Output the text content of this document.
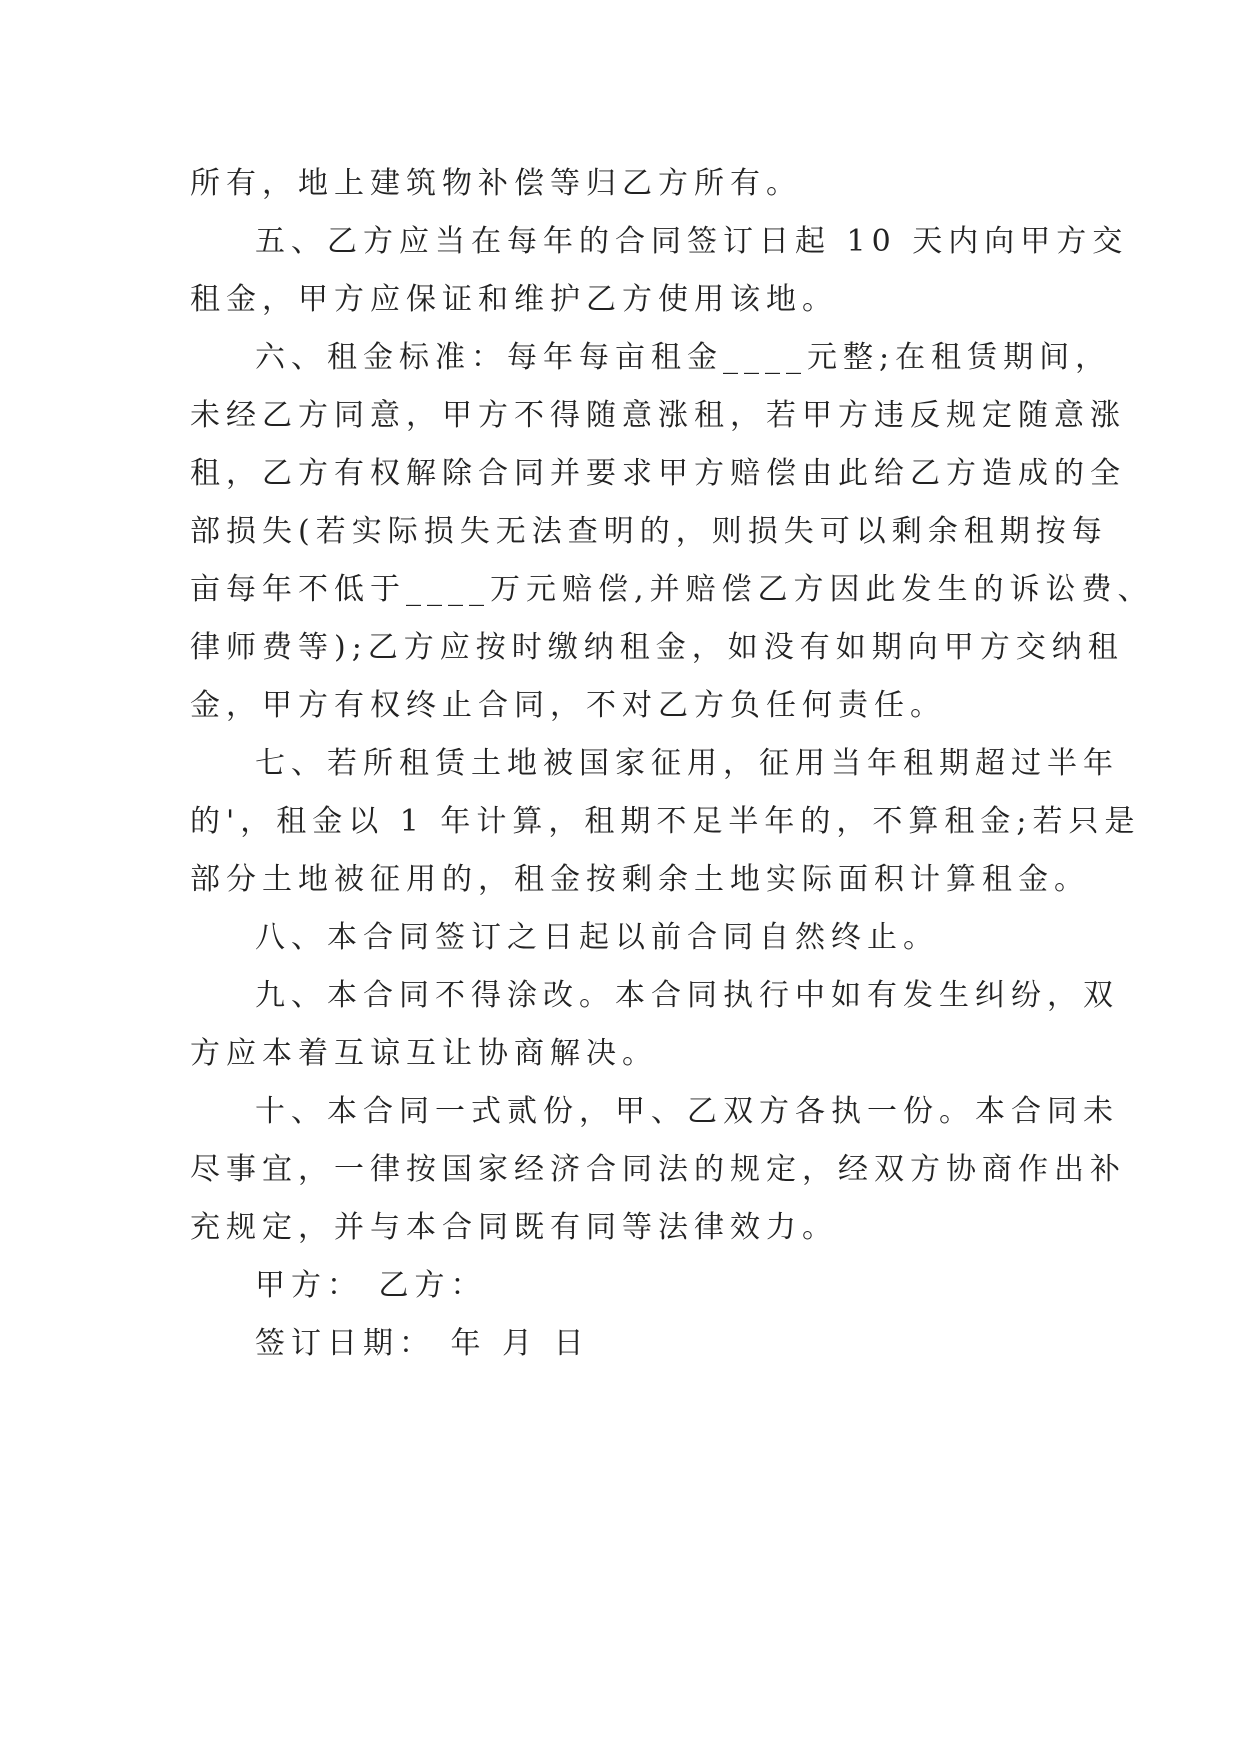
所有，地上建筑物补偿等归乙方所有。
五、乙方应当在每年的合同签订日起 10 天内向甲方交
租金，甲方应保证和维护乙方使用该地。
六、租金标准：每年每亩租金____元整;在租赁期间，
未经乙方同意，甲方不得随意涨租，若甲方违反规定随意涨
租，乙方有权解除合同并要求甲方赔偿由此给乙方造成的全
部损失(若实际损失无法查明的，则损失可以剩余租期按每
亩每年不低于____万元赔偿,并赔偿乙方因此发生的诉讼费、
律师费等);乙方应按时缴纳租金，如没有如期向甲方交纳租
金，甲方有权终止合同，不对乙方负任何责任。
七、若所租赁土地被国家征用，征用当年租期超过半年
的'，租金以 1 年计算，租期不足半年的，不算租金;若只是
部分土地被征用的，租金按剩余土地实际面积计算租金。
八、本合同签订之日起以前合同自然终止。
九、本合同不得涂改。本合同执行中如有发生纠纷，双
方应本着互谅互让协商解决。
十、本合同一式贰份，甲、乙双方各执一份。本合同未
尽事宜，一律按国家经济合同法的规定，经双方协商作出补
充规定，并与本合同既有同等法律效力。
甲方： 乙方：
签订日期： 年 月 日
